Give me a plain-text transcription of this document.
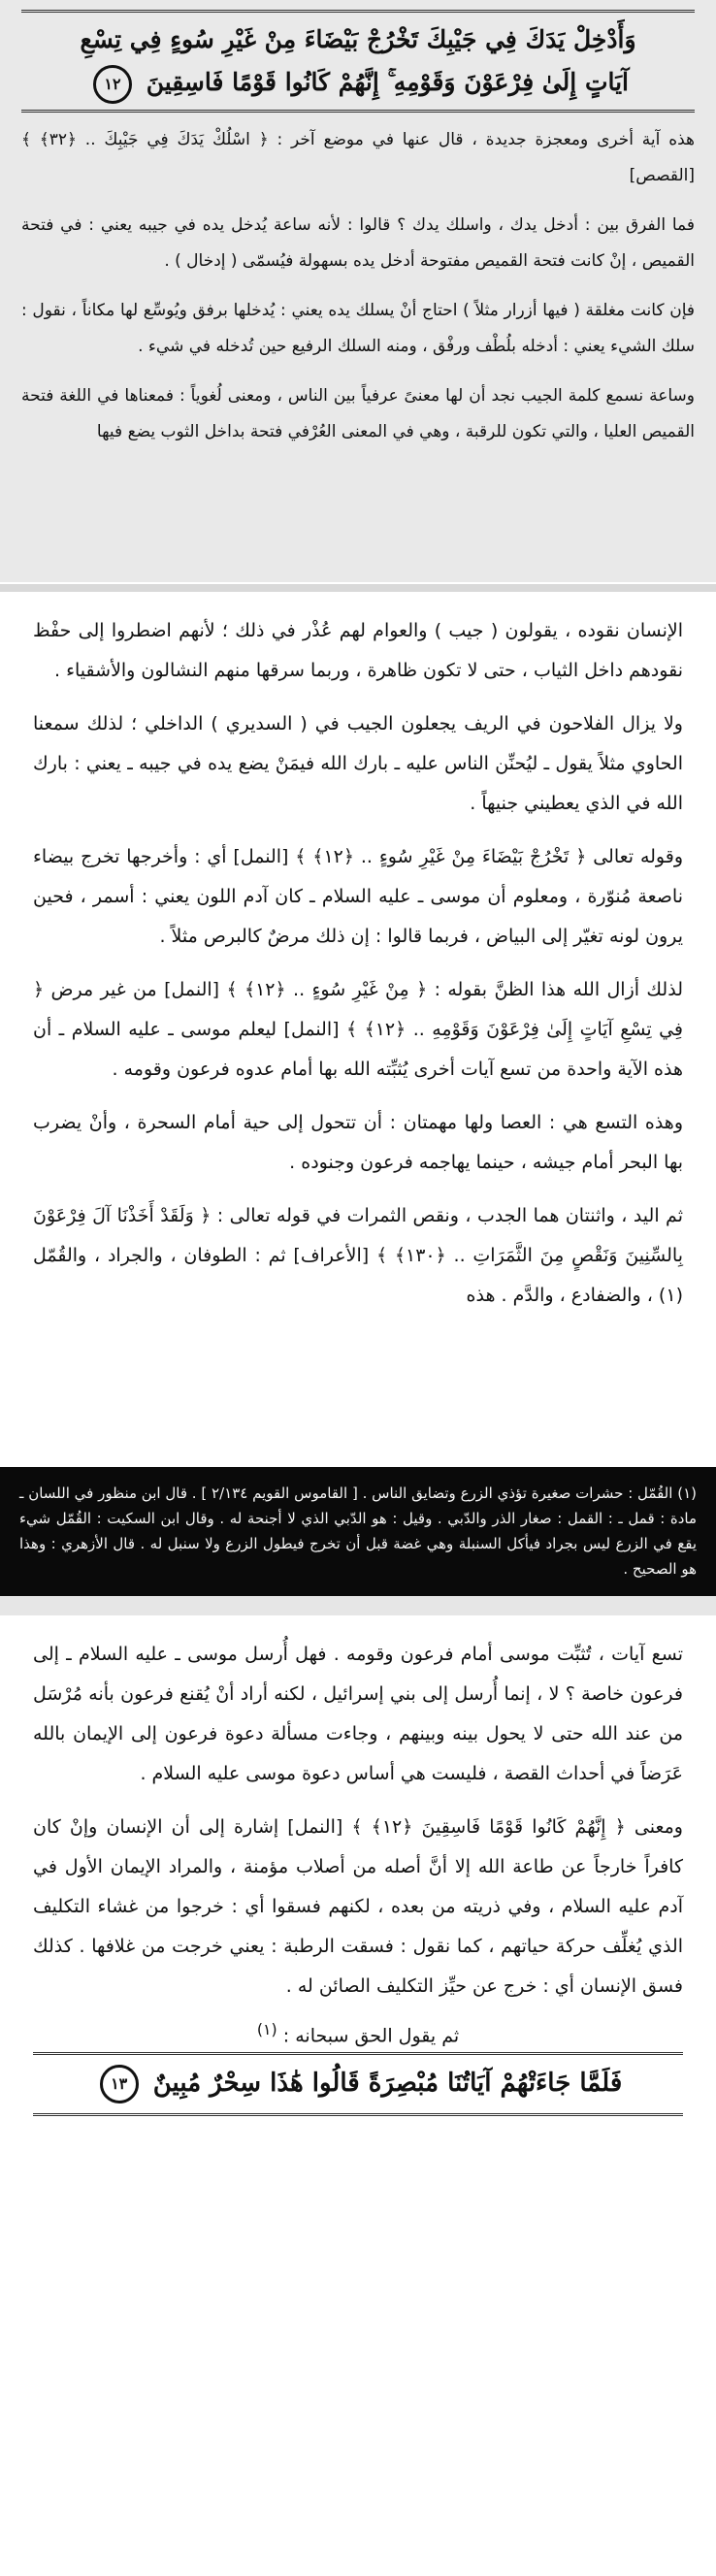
وَأَدْخِلْ يَدَكَ فِي جَيْبِكَ تَخْرُجْ بَيْضَاءَ مِنْ غَيْرِ سُوءٍ فِي تِسْعِ
آيَاتٍ إِلَىٰ فِرْعَوْنَ وَقَوْمِهِ ۚ إِنَّهُمْ كَانُوا قَوْمًا فَاسِقِينَ ١٢

هذه آية أخرى ومعجزة جديدة ، قال عنها في موضع آخر : ﴿ اسْلُكْ يَدَكَ فِي جَيْبِكَ .. ﴿٣٢﴾ ﴾ [القصص]

فما الفرق بين : أدخل يدك ، واسلك يدك ؟ قالوا : لأنه ساعة يُدخل يده في جيبه يعني : في فتحة القميص ، إنْ كانت فتحة القميص مفتوحة أدخل يده بسهولة فيُسمّى ( إدخال ) .

فإن كانت مغلقة ( فيها أزرار مثلاً ) احتاج أنْ يسلك يده يعني : يُدخلها برفق ويُوسِّع لها مكاناً ، نقول : سلك الشيء يعني : أدخله بلُطْف ورفْق ، ومنه السلك الرفيع حين تُدخله في شيء .

وساعة نسمع كلمة الجيب نجد أن لها معنىً عرفياً بين الناس ، ومعنى لُغوياً : فمعناها في اللغة فتحة القميص العليا ، والتي تكون للرقبة ، وهي في المعنى العُرْفي فتحة بداخل الثوب يضع فيها

الإنسان نقوده ، يقولون ( جيب ) والعوام لهم عُذْر في ذلك ؛ لأنهم اضطروا إلى حفْظ نقودهم داخل الثياب ، حتى لا تكون ظاهرة ، وربما سرقها منهم النشالون والأشقياء .

ولا يزال الفلاحون في الريف يجعلون الجيب في ( السديري ) الداخلي ؛ لذلك سمعنا الحاوي مثلاً يقول ـ ليُحنِّن الناس عليه ـ بارك الله فيمَنْ يضع يده في جيبه ـ يعني : بارك الله في الذي يعطيني جنيهاً .

وقوله تعالى ﴿ تَخْرُجْ بَيْضَاءَ مِنْ غَيْرِ سُوءٍ .. ﴿١٢﴾ ﴾ [النمل] أي : وأخرجها تخرج بيضاء ناصعة مُنوّرة ، ومعلوم أن موسى ـ عليه السلام ـ كان آدم اللون يعني : أسمر ، فحين يرون لونه تغيّر إلى البياض ، فربما قالوا : إن ذلك مرضٌ كالبرص مثلاً .

لذلك أزال الله هذا الظنَّ بقوله : ﴿ مِنْ غَيْرِ سُوءٍ .. ﴿١٢﴾ ﴾ [النمل] من غير مرض ﴿ فِي تِسْعِ آيَاتٍ إِلَىٰ فِرْعَوْنَ وَقَوْمِهِ .. ﴿١٢﴾ ﴾ [النمل] ليعلم موسى ـ عليه السلام ـ أن هذه الآية واحدة من تسع آيات أخرى يُثبِّته الله بها أمام عدوه فرعون وقومه .

وهذه التسع هي : العصا ولها مهمتان : أن تتحول إلى حية أمام السحرة ، وأنْ يضرب بها البحر أمام جيشه ، حينما يهاجمه فرعون وجنوده .

ثم اليد ، واثنتان هما الجدب ، ونقص الثمرات في قوله تعالى : ﴿ وَلَقَدْ أَخَذْنَا آلَ فِرْعَوْنَ بِالسِّنِينَ وَنَقْصٍ مِنَ الثَّمَرَاتِ .. ﴿١٣٠﴾ ﴾ [الأعراف] ثم : الطوفان ، والجراد ، والقُمّل (١) ، والضفادع ، والدَّم . هذه

(١) القُمّل : حشرات صغيرة تؤذي الزرع وتضايق الناس . [ القاموس القويم ٢/١٣٤ ] . قال ابن منظور في اللسان ـ مادة : قمل ـ : القمل : صغار الذر والدّبي . وقيل : هو الدّبي الذي لا أجنحة له . وقال ابن السكيت : القُمّل شيء يقع في الزرع ليس بجراد فيأكل السنبلة وهي غضة قبل أن تخرج فيطول الزرع ولا سنبل له . قال الأزهري : وهذا هو الصحيح .

تسع آيات ، تُثبِّت موسى أمام فرعون وقومه . فهل أُرسل موسى ـ عليه السلام ـ إلى فرعون خاصة ؟ لا ، إنما أُرسل إلى بني إسرائيل ، لكنه أراد أنْ يُقنع فرعون بأنه مُرْسَل من عند الله حتى لا يحول بينه وبينهم ، وجاءت مسألة دعوة فرعون إلى الإيمان بالله عَرَضاً في أحداث القصة ، فليست هي أساس دعوة موسى عليه السلام .

ومعنى ﴿ إِنَّهُمْ كَانُوا قَوْمًا فَاسِقِينَ ﴿١٢﴾ ﴾ [النمل] إشارة إلى أن الإنسان وإنْ كان كافراً خارجاً عن طاعة الله إلا أنَّ أصله من أصلاب مؤمنة ، والمراد الإيمان الأول في آدم عليه السلام ، وفي ذريته من بعده ، لكنهم فسقوا أي : خرجوا من غشاء التكليف الذي يُغلِّف حركة حياتهم ، كما نقول : فسقت الرطبة : يعني خرجت من غلافها . كذلك فسق الإنسان أي : خرج عن حيِّز التكليف الصائن له .

ثم يقول الحق سبحانه : $^{(١)}$
فَلَمَّا جَاءَتْهُمْ آيَاتُنَا مُبْصِرَةً قَالُوا هَٰذَا سِحْرٌ مُبِينٌ ١٣
